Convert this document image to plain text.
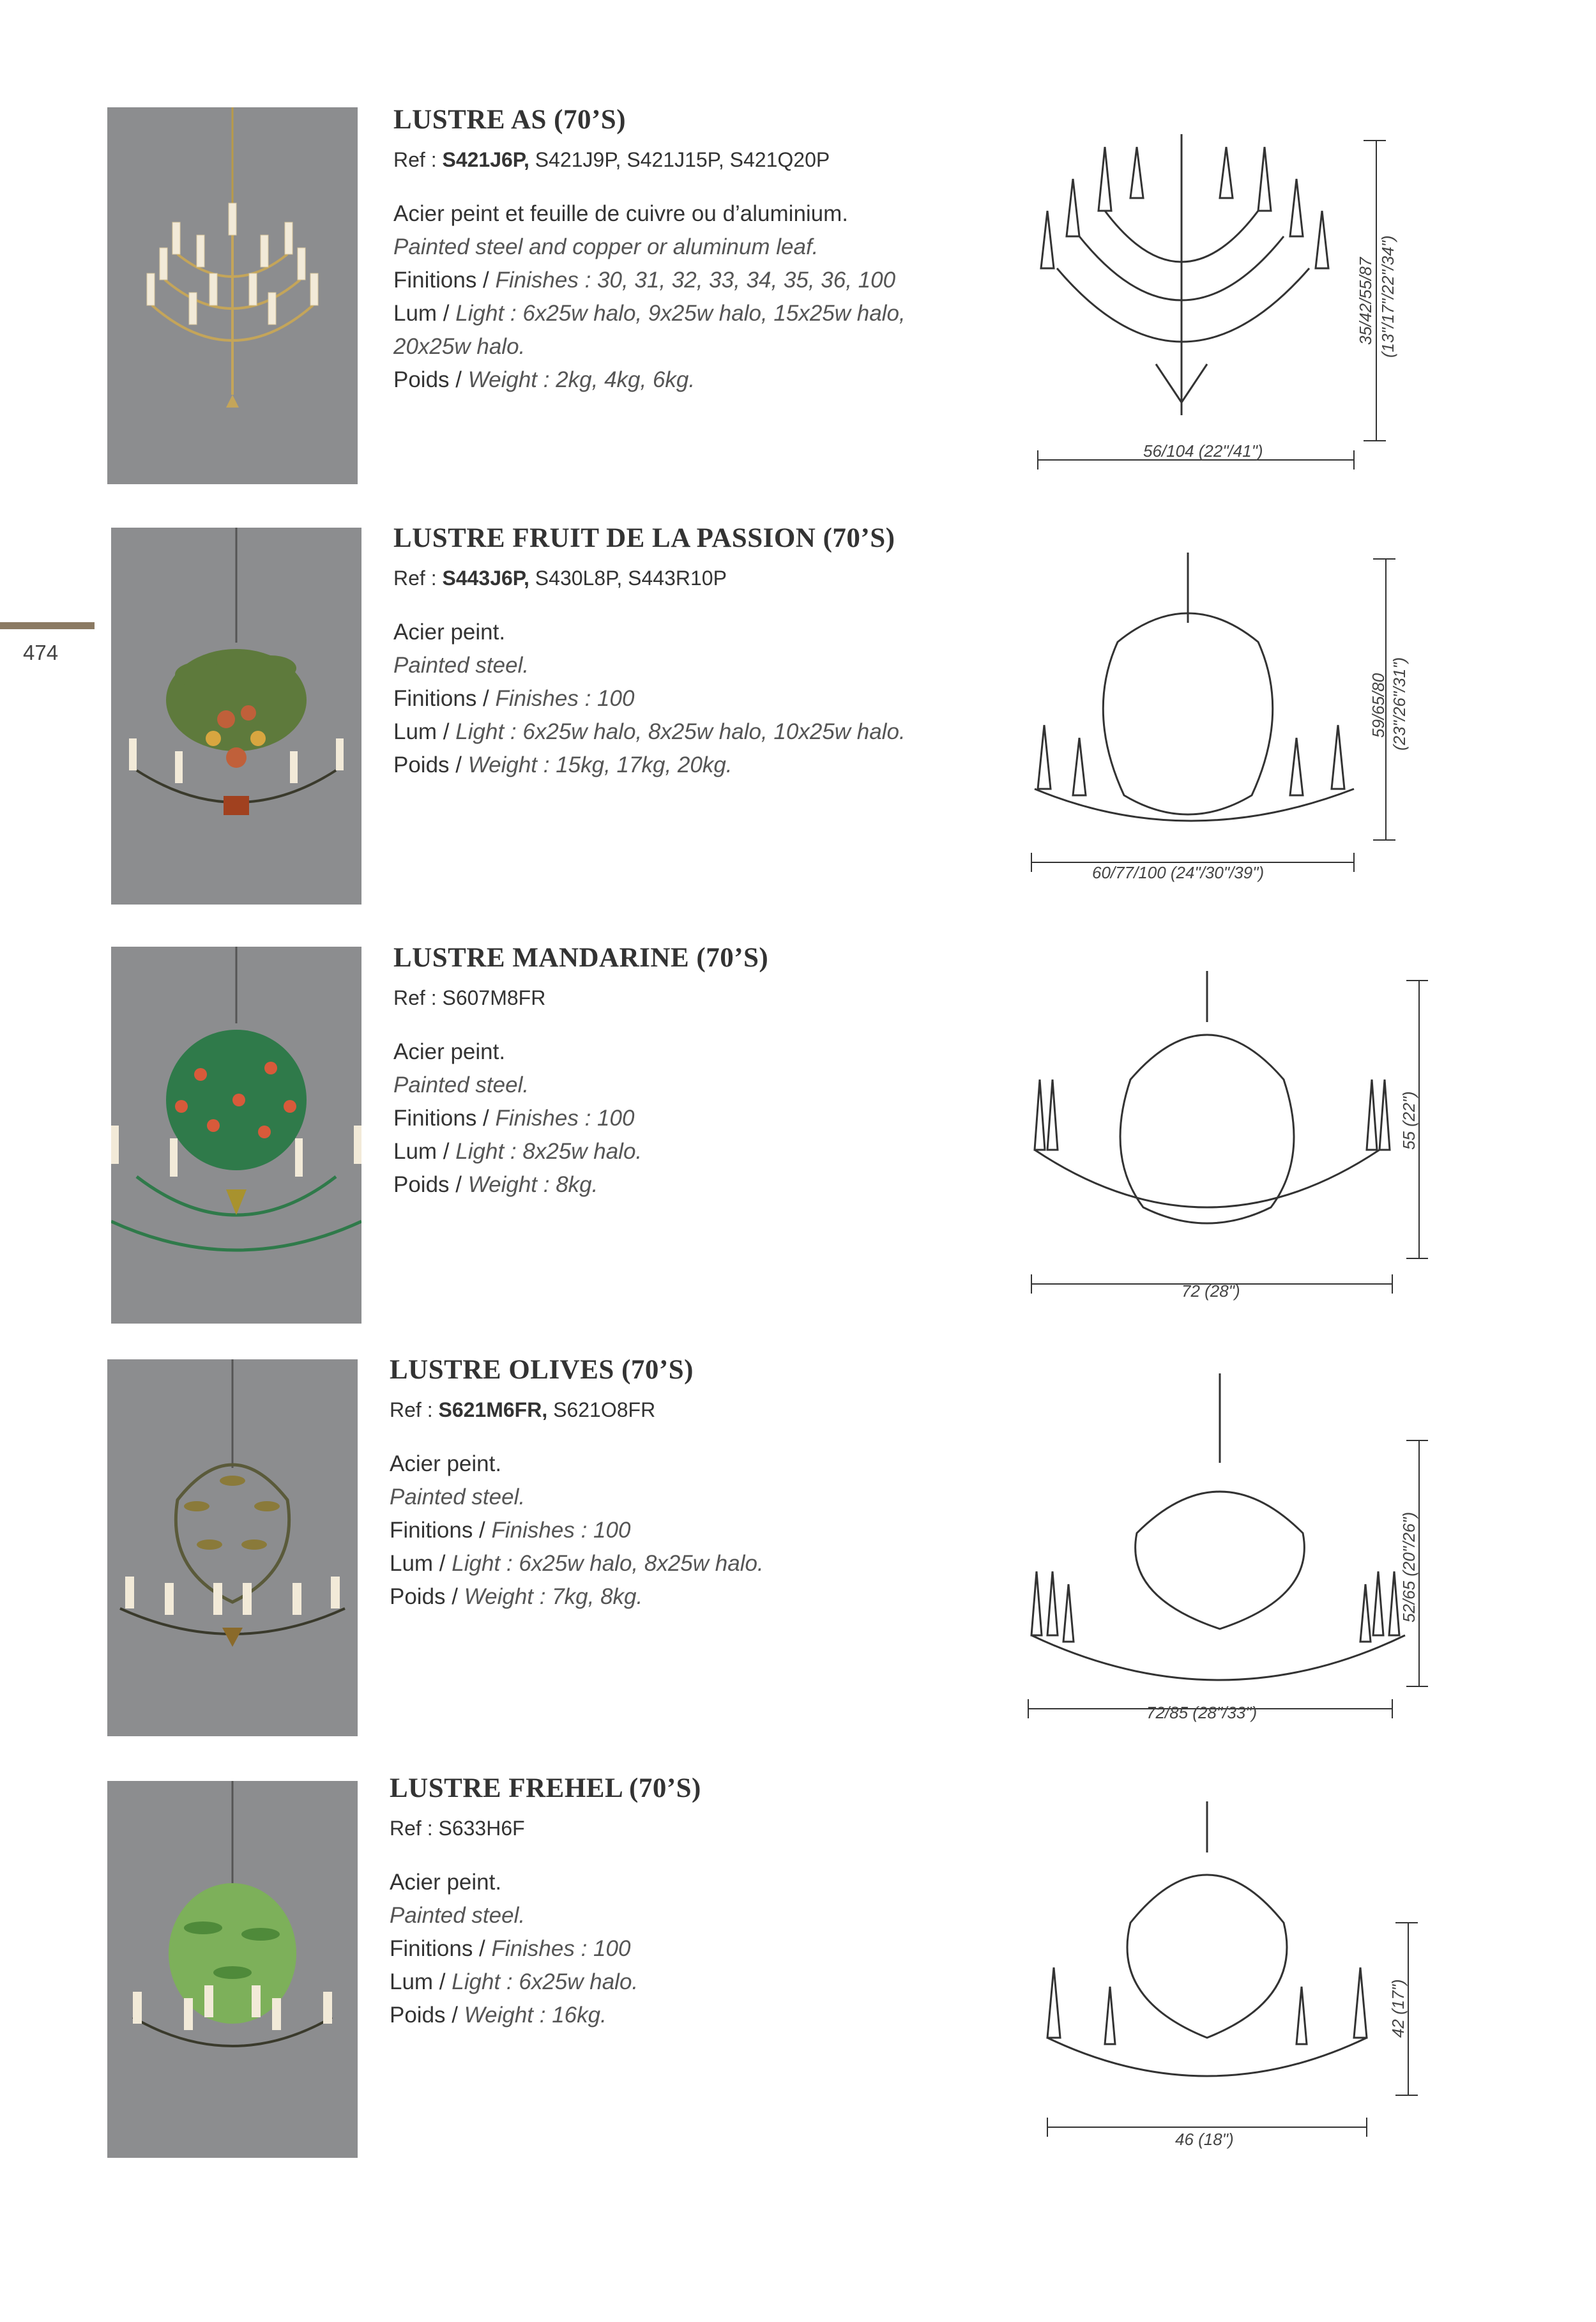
474
LUSTRE AS (70’S)
Ref : S421J6P, S421J9P, S421J15P, S421Q20P
Acier peint et feuille de cuivre ou d’aluminium.
Painted steel and copper or aluminum leaf.
Finitions / Finishes : 30, 31, 32, 33, 34, 35, 36, 100
Lum / Light : 6x25w halo, 9x25w halo, 15x25w halo, 20x25w halo.
Poids / Weight : 2kg, 4kg, 6kg.
56/104 (22"/41")
35/42/55/87 (13"/17"/22"/34")
LUSTRE FRUIT DE LA PASSION (70’S)
Ref : S443J6P, S430L8P, S443R10P
Acier peint.
Painted steel.
Finitions / Finishes : 100
Lum / Light : 6x25w halo, 8x25w halo, 10x25w halo.
Poids / Weight : 15kg, 17kg, 20kg.
60/77/100 (24"/30"/39")
59/65/80 (23"/26"/31")
LUSTRE MANDARINE (70’S)
Ref : S607M8FR
Acier peint.
Painted steel.
Finitions / Finishes : 100
Lum / Light : 8x25w halo.
Poids / Weight : 8kg.
72 (28")
55 (22")
LUSTRE OLIVES (70’S)
Ref : S621M6FR, S621O8FR
Acier peint.
Painted steel.
Finitions / Finishes : 100
Lum / Light : 6x25w halo, 8x25w halo.
Poids / Weight : 7kg, 8kg.
72/85 (28"/33")
52/65 (20"/26")
LUSTRE FREHEL (70’S)
Ref : S633H6F
Acier peint.
Painted steel.
Finitions / Finishes : 100
Lum / Light : 6x25w halo.
Poids / Weight : 16kg.
46 (18")
42 (17")
